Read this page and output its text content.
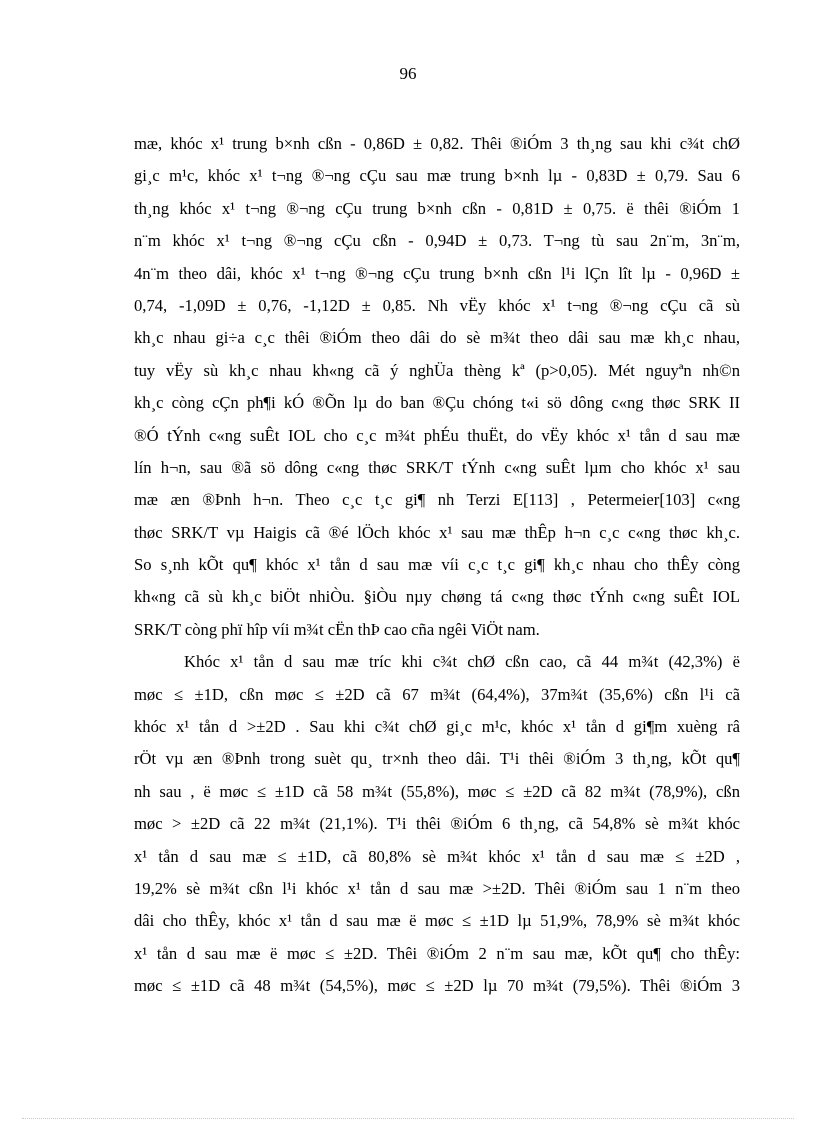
96
mæ, khóc x¹ trung b×nh cßn - 0,86D ± 0,82. Thêi ®iÓm 3 th¸ng sau khi c¾t chØ
gi¸c m¹c, khóc x¹ t¬ng ®¬ng cÇu sau mæ trung b×nh lµ - 0,83D ± 0,79. Sau 6
th¸ng khóc x¹ t¬ng ®¬ng cÇu trung b×nh cßn - 0,81D ± 0,75. ë thêi ®iÓm 1
n¨m khóc x¹ t¬ng ®¬ng cÇu cßn - 0,94D ± 0,73. T¬ng tù sau 2n¨m, 3n¨m,
4n¨m theo dâi, khóc x¹ t¬ng ®¬ng cÇu trung b×nh cßn l¹i lÇn lît lµ - 0,96D ±
0,74, -1,09D ± 0,76, -1,12D ± 0,85. Nh vËy khóc x¹ t¬ng ®¬ng cÇu cã sù
kh¸c nhau gi÷a c¸c thêi ®iÓm theo dâi do sè m¾t theo dâi sau mæ kh¸c nhau,
tuy vËy sù kh¸c nhau kh«ng cã ý nghÜa thèng kª (p>0,05). Mét nguyªn nh©n
kh¸c còng cÇn ph¶i kÓ ®Õn lµ do ban ®Çu chóng t«i sö dông c«ng thøc SRK II
®Ó tÝnh c«ng suÊt IOL cho c¸c m¾t phÉu thuËt, do vËy khóc x¹ tån d sau mæ
lín h¬n, sau ®ã sö dông c«ng thøc SRK/T tÝnh c«ng suÊt lµm cho khóc x¹ sau
mæ æn ®Þnh h¬n. Theo c¸c t¸c gi¶ nh Terzi E[113] , Petermeier[103] c«ng
thøc SRK/T vµ Haigis cã ®é lÖch khóc x¹ sau mæ thÊp h¬n c¸c c«ng thøc kh¸c.
So s¸nh kÕt qu¶ khóc x¹ tån d sau mæ víi c¸c t¸c gi¶ kh¸c nhau cho thÊy còng
kh«ng cã sù kh¸c biÖt nhiÒu. §iÒu nµy chøng tá c«ng thøc tÝnh c«ng suÊt IOL
SRK/T còng phï hîp víi m¾t cËn thÞ cao cña ngêi ViÖt nam.
Khóc x¹ tån d sau mæ tríc khi c¾t chØ cßn cao, cã 44 m¾t (42,3%) ë
møc ≤ ±1D, cßn møc ≤ ±2D cã 67 m¾t (64,4%), 37m¾t (35,6%) cßn l¹i cã
khóc x¹ tån d >±2D . Sau khi c¾t chØ gi¸c m¹c, khóc x¹ tån d gi¶m xuèng râ
rÖt vµ æn ®Þnh trong suèt qu¸ tr×nh theo dâi. T¹i thêi ®iÓm 3 th¸ng, kÕt qu¶
nh sau , ë møc ≤ ±1D cã 58 m¾t (55,8%), møc ≤ ±2D cã 82 m¾t (78,9%), cßn
møc > ±2D cã 22 m¾t (21,1%). T¹i thêi ®iÓm 6 th¸ng, cã 54,8% sè m¾t khóc
x¹ tån d sau mæ ≤ ±1D, cã 80,8% sè m¾t khóc x¹ tån d sau mæ ≤ ±2D ,
19,2% sè m¾t cßn l¹i khóc x¹ tån d sau mæ >±2D. Thêi ®iÓm sau 1 n¨m theo
dâi cho thÊy, khóc x¹ tån d sau mæ ë møc ≤ ±1D lµ 51,9%, 78,9% sè m¾t khóc
x¹ tån d sau mæ ë møc ≤ ±2D. Thêi ®iÓm 2 n¨m sau mæ, kÕt qu¶ cho thÊy:
møc ≤ ±1D cã 48 m¾t (54,5%), møc ≤ ±2D lµ 70 m¾t (79,5%). Thêi ®iÓm 3
